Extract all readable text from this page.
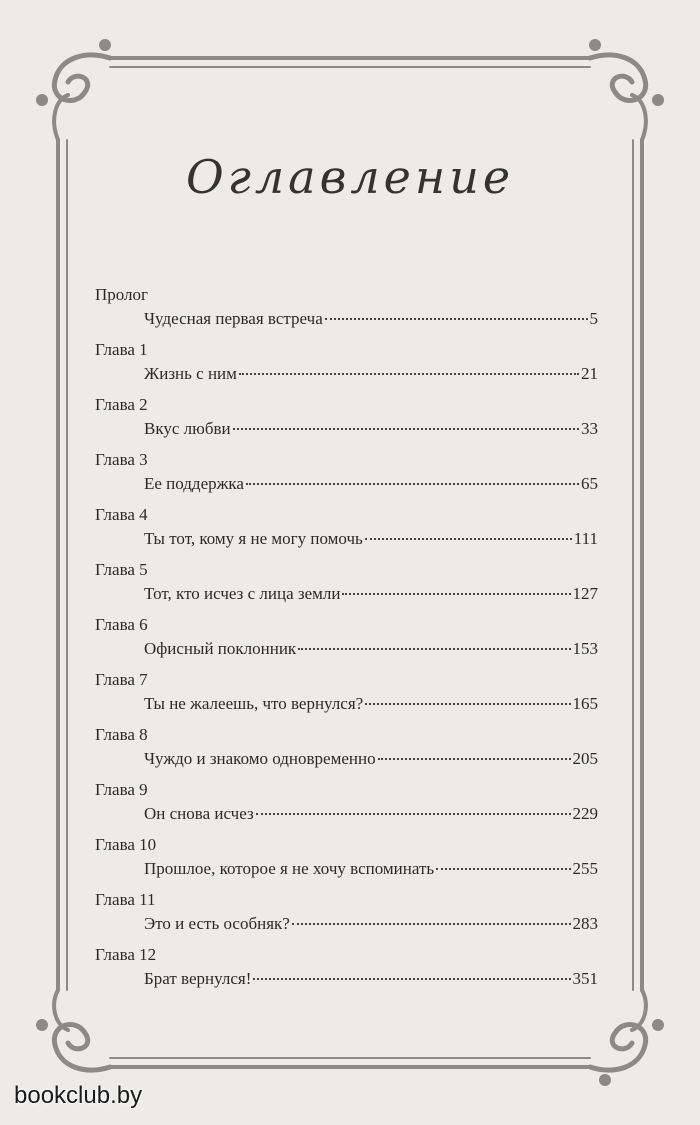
Оглавление
Пролог
Чудесная первая встреча	5
Глава 1
Жизнь с ним	21
Глава 2
Вкус любви	33
Глава 3
Ее поддержка	65
Глава 4
Ты тот, кому я не могу помочь	111
Глава 5
Тот, кто исчез с лица земли	127
Глава 6
Офисный поклонник	153
Глава 7
Ты не жалеешь, что вернулся?	165
Глава 8
Чуждо и знакомо одновременно	205
Глава 9
Он снова исчез	229
Глава 10
Прошлое, которое я не хочу вспоминать	255
Глава 11
Это и есть особняк?	283
Глава 12
Брат вернулся!	351
bookclub.by
